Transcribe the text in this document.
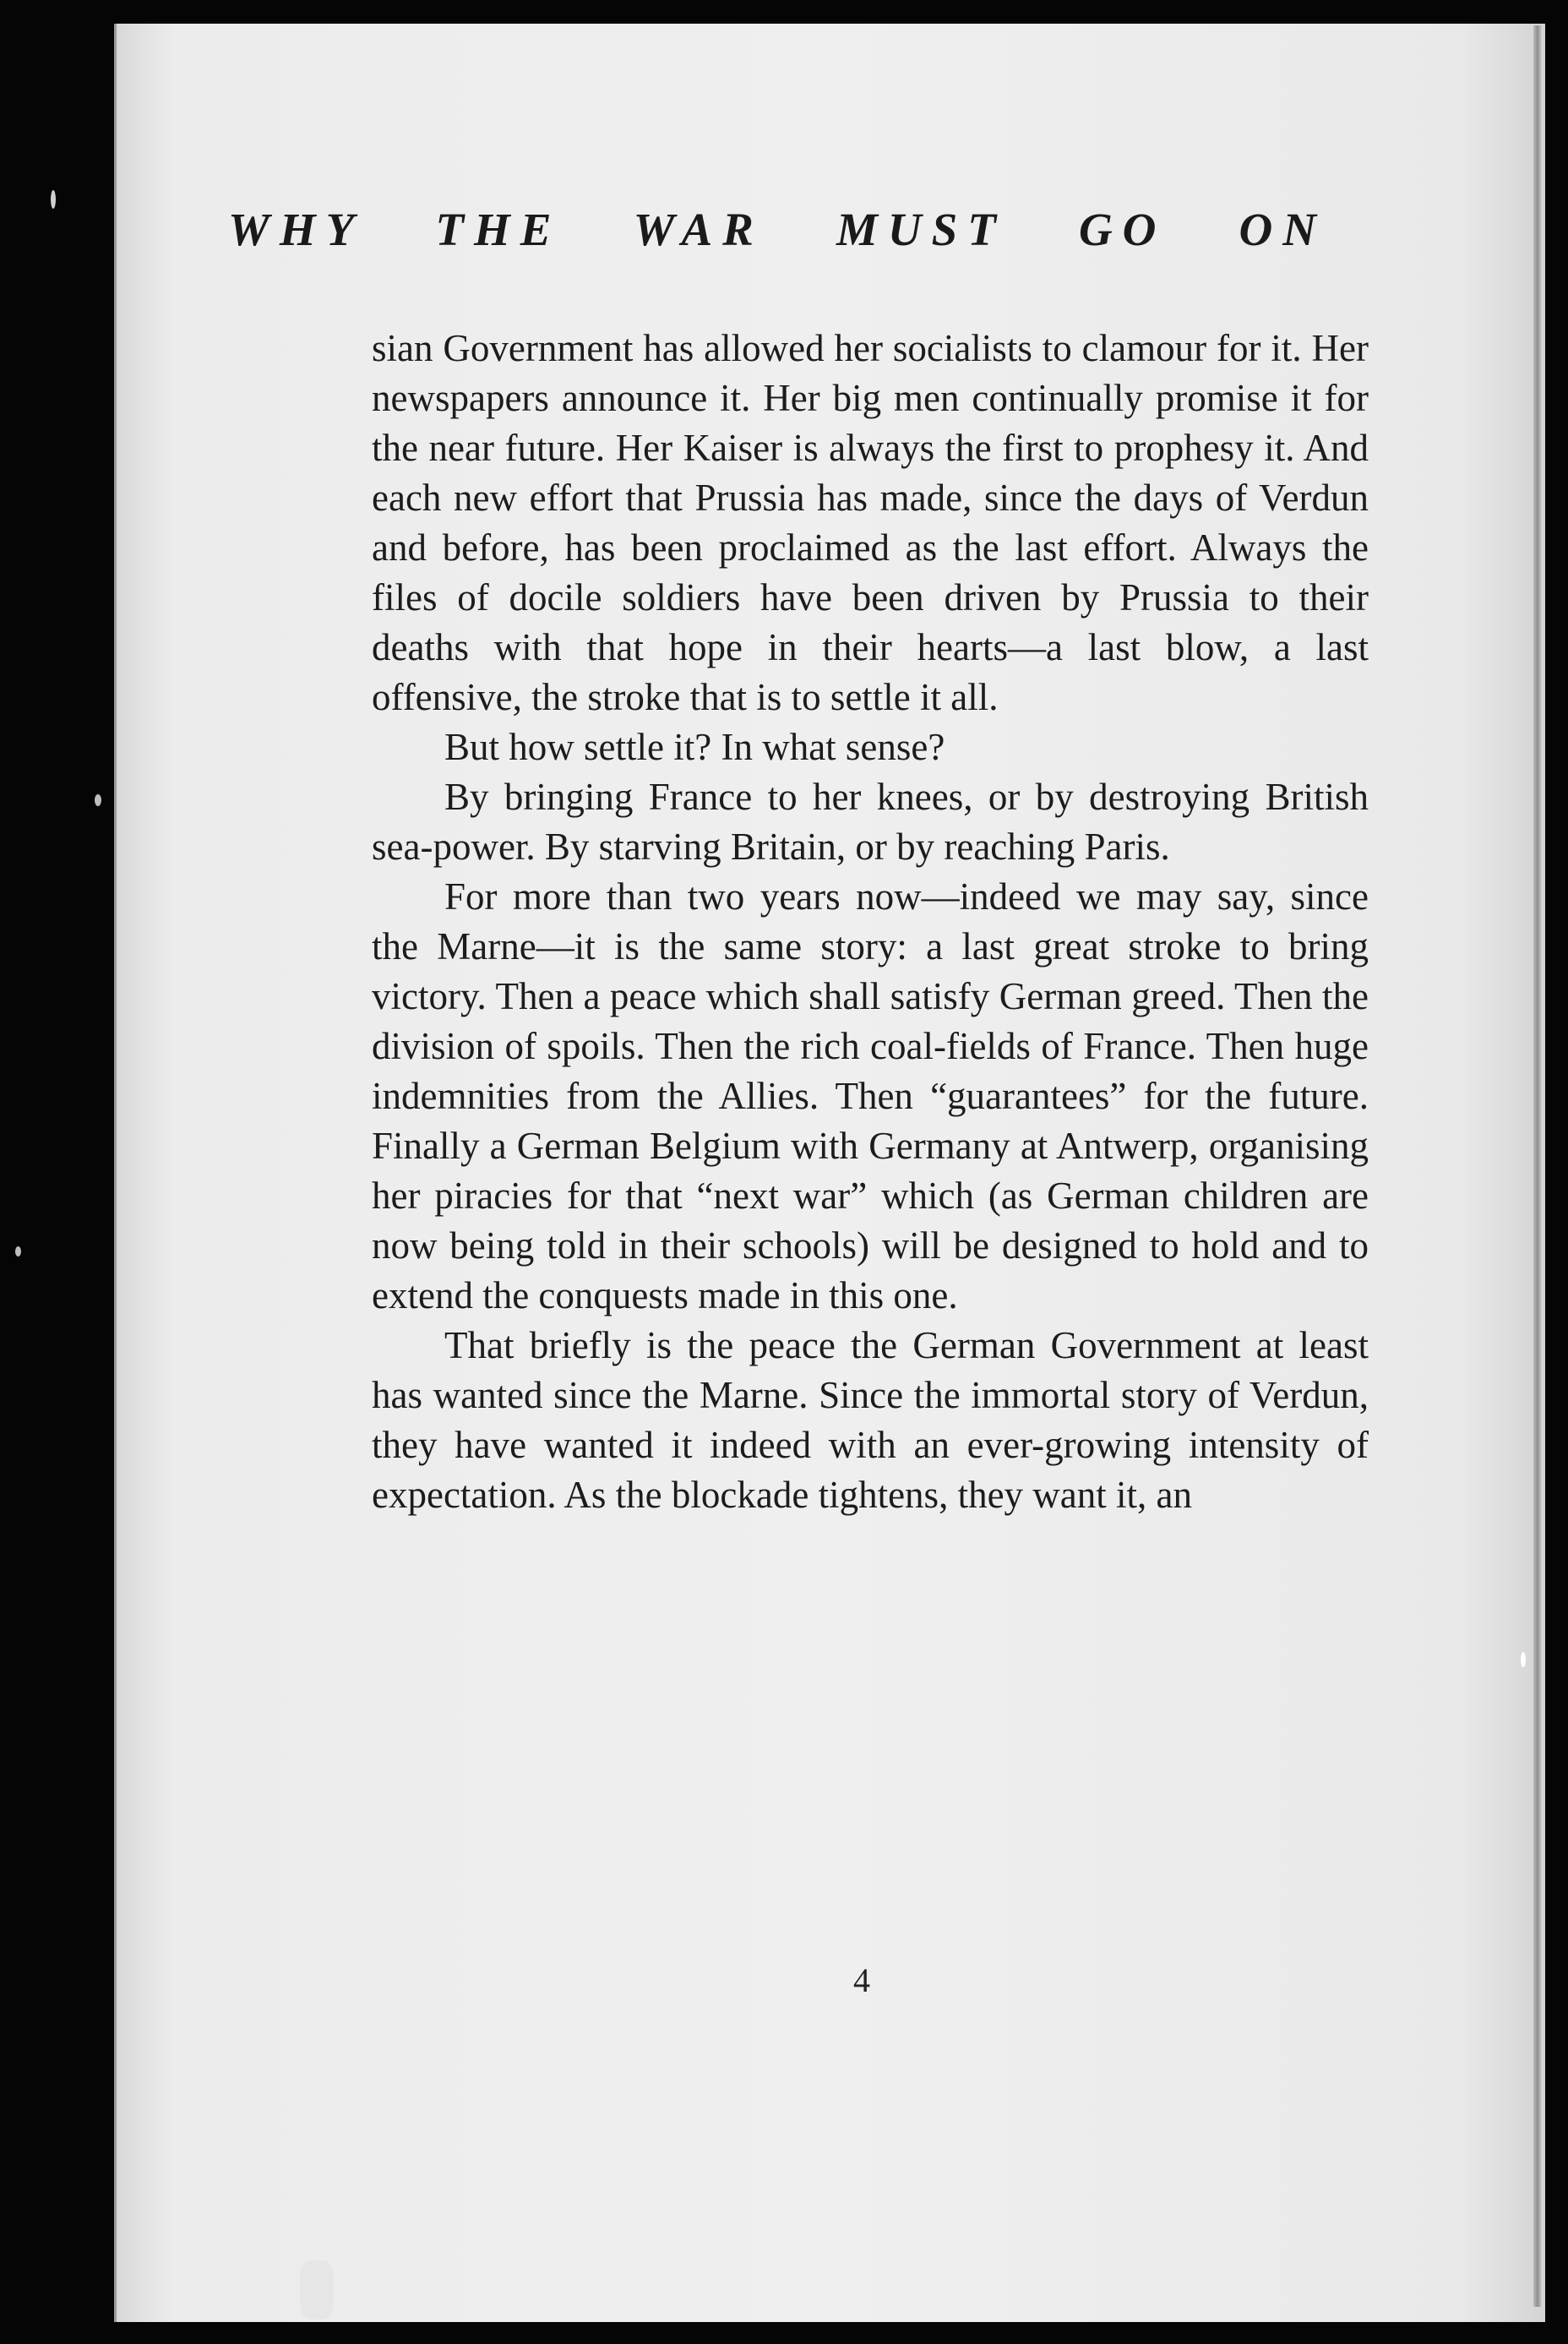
WHY THE WAR MUST GO ON

sian Government has allowed her socialists to clamour for it. Her newspapers announce it. Her big men continually promise it for the near future. Her Kaiser is always the first to prophesy it. And each new effort that Prussia has made, since the days of Verdun and before, has been proclaimed as the last effort. Always the files of docile soldiers have been driven by Prussia to their deaths with that hope in their hearts—a last blow, a last offensive, the stroke that is to settle it all.

But how settle it? In what sense?

By bringing France to her knees, or by destroying British sea-power. By starving Britain, or by reaching Paris.

For more than two years now—indeed we may say, since the Marne—it is the same story: a last great stroke to bring victory. Then a peace which shall satisfy German greed. Then the division of spoils. Then the rich coal-fields of France. Then huge indemnities from the Allies. Then “guarantees” for the future. Finally a German Belgium with Germany at Antwerp, organising her piracies for that “next war” which (as German children are now being told in their schools) will be designed to hold and to extend the conquests made in this one.

That briefly is the peace the German Government at least has wanted since the Marne. Since the immortal story of Verdun, they have wanted it indeed with an ever-growing intensity of expectation. As the blockade tightens, they want it, an

4
